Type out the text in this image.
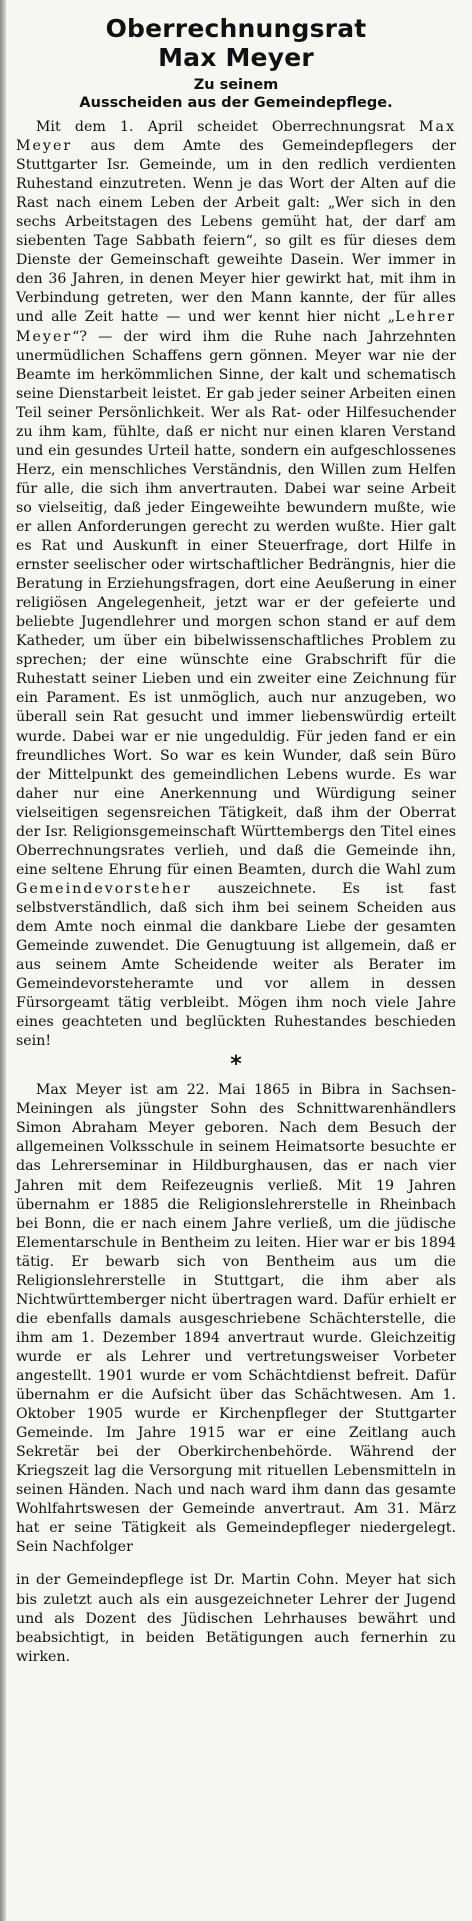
Oberrechnungsrat
Max Meyer
Zu seinem
Ausscheiden aus der Gemeindepflege.

Mit dem 1. April scheidet Oberrechnungsrat Max Meyer aus dem Amte des Gemeindepflegers der Stuttgarter Isr. Gemeinde, um in den redlich verdienten Ruhestand einzutreten. Wenn je das Wort der Alten auf die Rast nach einem Leben der Arbeit galt: „Wer sich in den sechs Arbeitstagen des Lebens gemüht hat, der darf am siebenten Tage Sabbath feiern“, so gilt es für dieses dem Dienste der Gemeinschaft geweihte Dasein. Wer immer in den 36 Jahren, in denen Meyer hier gewirkt hat, mit ihm in Verbindung getreten, wer den Mann kannte, der für alles und alle Zeit hatte — und wer kennt hier nicht „Lehrer Meyer“? — der wird ihm die Ruhe nach Jahrzehnten unermüdlichen Schaffens gern gönnen. Meyer war nie der Beamte im herkömmlichen Sinne, der kalt und schematisch seine Dienstarbeit leistet. Er gab jeder seiner Arbeiten einen Teil seiner Persönlichkeit. Wer als Rat- oder Hilfesuchender zu ihm kam, fühlte, daß er nicht nur einen klaren Verstand und ein gesundes Urteil hatte, sondern ein aufgeschlossenes Herz, ein menschliches Verständnis, den Willen zum Helfen für alle, die sich ihm anvertrauten. Dabei war seine Arbeit so vielseitig, daß jeder Eingeweihte bewundern mußte, wie er allen Anforderungen gerecht zu werden wußte. Hier galt es Rat und Auskunft in einer Steuerfrage, dort Hilfe in ernster seelischer oder wirtschaftlicher Bedrängnis, hier die Beratung in Erziehungsfragen, dort eine Aeußerung in einer religiösen Angelegenheit, jetzt war er der gefeierte und beliebte Jugendlehrer und morgen schon stand er auf dem Katheder, um über ein bibelwissenschaftliches Problem zu sprechen; der eine wünschte eine Grabschrift für die Ruhestatt seiner Lieben und ein zweiter eine Zeichnung für ein Parament. Es ist unmöglich, auch nur anzugeben, wo überall sein Rat gesucht und immer liebenswürdig erteilt wurde. Dabei war er nie ungeduldig. Für jeden fand er ein freundliches Wort. So war es kein Wunder, daß sein Büro der Mittelpunkt des gemeindlichen Lebens wurde. Es war daher nur eine Anerkennung und Würdigung seiner vielseitigen segensreichen Tätigkeit, daß ihm der Oberrat der Isr. Religionsgemeinschaft Württembergs den Titel eines Oberrechnungsrates verlieh, und daß die Gemeinde ihn, eine seltene Ehrung für einen Beamten, durch die Wahl zum Gemeindevorsteher auszeichnete. Es ist fast selbstverständlich, daß sich ihm bei seinem Scheiden aus dem Amte noch einmal die dankbare Liebe der gesamten Gemeinde zuwendet. Die Genugtuung ist allgemein, daß er aus seinem Amte Scheidende weiter als Berater im Gemeindevorsteheramte und vor allem in dessen Fürsorgeamt tätig verbleibt. Mögen ihm noch viele Jahre eines geachteten und beglückten Ruhestandes beschieden sein!

*

Max Meyer ist am 22. Mai 1865 in Bibra in Sachsen-Meiningen als jüngster Sohn des Schnittwarenhändlers Simon Abraham Meyer geboren. Nach dem Besuch der allgemeinen Volksschule in seinem Heimatsorte besuchte er das Lehrerseminar in Hildburghausen, das er nach vier Jahren mit dem Reifezeugnis verließ. Mit 19 Jahren übernahm er 1885 die Religionslehrerstelle in Rheinbach bei Bonn, die er nach einem Jahre verließ, um die jüdische Elementarschule in Bentheim zu leiten. Hier war er bis 1894 tätig. Er bewarb sich von Bentheim aus um die Religionslehrerstelle in Stuttgart, die ihm aber als Nichtwürttemberger nicht übertragen ward. Dafür erhielt er die ebenfalls damals ausgeschriebene Schächterstelle, die ihm am 1. Dezember 1894 anvertraut wurde. Gleichzeitig wurde er als Lehrer und vertretungsweiser Vorbeter angestellt. 1901 wurde er vom Schächtdienst befreit. Dafür übernahm er die Aufsicht über das Schächtwesen. Am 1. Oktober 1905 wurde er Kirchenpfleger der Stuttgarter Gemeinde. Im Jahre 1915 war er eine Zeitlang auch Sekretär bei der Oberkirchenbehörde. Während der Kriegszeit lag die Versorgung mit rituellen Lebensmitteln in seinen Händen. Nach und nach ward ihm dann das gesamte Wohlfahrtswesen der Gemeinde anvertraut. Am 31. März hat er seine Tätigkeit als Gemeindepfleger niedergelegt. Sein Nachfolger

in der Gemeindepflege ist Dr. Martin Cohn. Meyer hat sich bis zuletzt auch als ein ausgezeichneter Lehrer der Jugend und als Dozent des Jüdischen Lehrhauses bewährt und beabsichtigt, in beiden Betätigungen auch fernerhin zu wirken.
